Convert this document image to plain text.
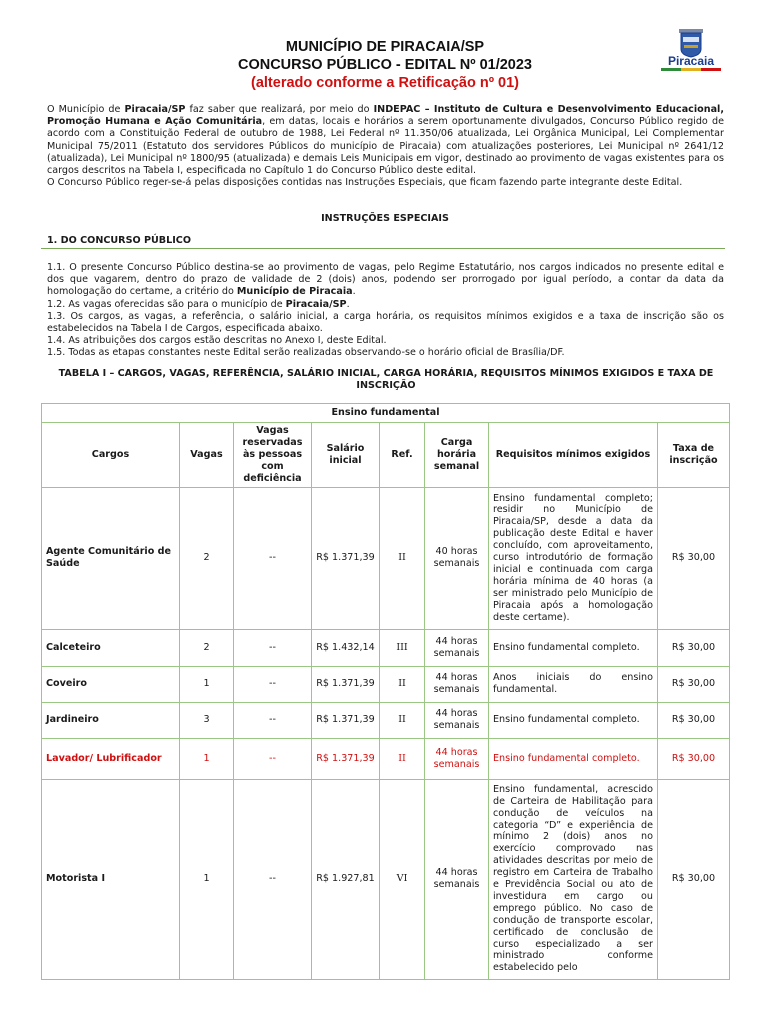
MUNICÍPIO DE PIRACAIA/SP
CONCURSO PÚBLICO - EDITAL Nº 01/2023
(alterado conforme a Retificação nº 01)
Piracaia

O Município de Piracaia/SP faz saber que realizará, por meio do INDEPAC – Instituto de Cultura e Desenvolvimento Educacional, Promoção Humana e Ação Comunitária, em datas, locais e horários a serem oportunamente divulgados, Concurso Público regido de acordo com a Constituição Federal de outubro de 1988, Lei Federal nº 11.350/06 atualizada, Lei Orgânica Municipal, Lei Complementar Municipal 75/2011 (Estatuto dos servidores Públicos do município de Piracaia) com atualizações posteriores, Lei Municipal nº 2641/12 (atualizada), Lei Municipal nº 1800/95 (atualizada) e demais Leis Municipais em vigor, destinado ao provimento de vagas existentes para os cargos descritos na Tabela I, especificada no Capítulo 1 do Concurso Público deste edital.

O Concurso Público reger-se-á pelas disposições contidas nas Instruções Especiais, que ficam fazendo parte integrante deste Edital.

INSTRUÇÕES ESPECIAIS
1. DO CONCURSO PÚBLICO

1.1. O presente Concurso Público destina-se ao provimento de vagas, pelo Regime Estatutário, nos cargos indicados no presente edital e dos que vagarem, dentro do prazo de validade de 2 (dois) anos, podendo ser prorrogado por igual período, a contar da data da homologação do certame, a critério do Município de Piracaia.

1.2. As vagas oferecidas são para o município de Piracaia/SP.

1.3. Os cargos, as vagas, a referência, o salário inicial, a carga horária, os requisitos mínimos exigidos e a taxa de inscrição são os estabelecidos na Tabela I de Cargos, especificada abaixo.

1.4. As atribuições dos cargos estão descritas no Anexo I, deste Edital.

1.5. Todas as etapas constantes neste Edital serão realizadas observando-se o horário oficial de Brasília/DF.

TABELA I – CARGOS, VAGAS, REFERÊNCIA, SALÁRIO INICIAL, CARGA HORÁRIA, REQUISITOS MÍNIMOS EXIGIDOS E TAXA DE INSCRIÇÃO
Ensino fundamental							
Cargos	Vagas	Vagas reservadas às pessoas com deficiência	Salário inicial	Ref.	Carga horária semanal	Requisitos mínimos exigidos	Taxa de inscrição
Agente Comunitário de Saúde	2	--	R$ 1.371,39	II	40 horas semanais	Ensino fundamental completo; residir no Município de Piracaia/SP, desde a data da publicação deste Edital e haver concluído, com aproveitamento, curso introdutório de formação inicial e continuada com carga horária mínima de 40 horas (a ser ministrado pelo Município de Piracaia após a homologação deste certame).	R$ 30,00
Calceteiro	2	--	R$ 1.432,14	III	44 horas semanais	Ensino fundamental completo.	R$ 30,00
Coveiro	1	--	R$ 1.371,39	II	44 horas semanais	Anos iniciais do ensino fundamental.	R$ 30,00
Jardineiro	3	--	R$ 1.371,39	II	44 horas semanais	Ensino fundamental completo.	R$ 30,00
Lavador/ Lubrificador	1	--	R$ 1.371,39	II	44 horas semanais	Ensino fundamental completo.	R$ 30,00
Motorista I	1	--	R$ 1.927,81	VI	44 horas semanais	Ensino fundamental, acrescido de Carteira de Habilitação para condução de veículos na categoria “D” e experiência de mínimo 2 (dois) anos no exercício comprovado nas atividades descritas por meio de registro em Carteira de Trabalho e Previdência Social ou ato de investidura em cargo ou emprego público. No caso de condução de transporte escolar, certificado de conclusão de curso especializado a ser ministrado conforme estabelecido pelo	R$ 30,00
